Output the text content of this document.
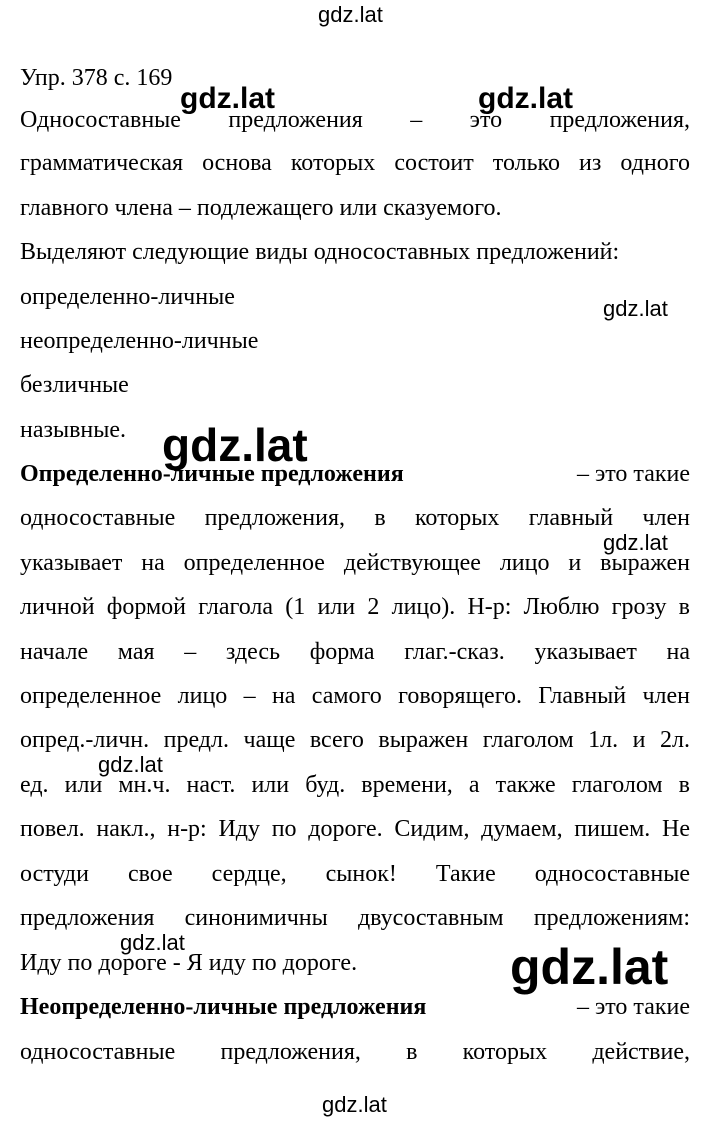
gdz.lat
gdz.lat	gdz.lat
gdz.lat
gdz.lat
gdz.lat
gdz.lat
gdz.lat	gdz.lat
gdz.lat
Упр. 378 с. 169
Односоставные предложения – это предложения,
грамматическая основа которых состоит только из одного
главного члена – подлежащего или сказуемого.
Выделяют следующие виды односоставных предложений:
определенно-личные
неопределенно-личные
безличные
назывные.
Определенно-личные предложения	– это такие
односоставные предложения, в которых главный член
указывает на определенное действующее лицо и выражен
личной формой глагола (1 или 2 лицо). Н-р: Люблю грозу в
начале мая – здесь форма глаг.-сказ. указывает на
определенное лицо – на самого говорящего. Главный член
опред.-личн. предл. чаще всего выражен глаголом 1л. и 2л.
ед. или мн.ч. наст. или буд. времени, а также глаголом в
повел. накл., н-р: Иду по дороге. Сидим, думаем, пишем. Не
остуди свое сердце, сынок! Такие односоставные
предложения синонимичны двусоставным предложениям:
Иду по дороге - Я иду по дороге.
Неопределенно-личные предложения	– это такие
односоставные предложения, в которых действие,
